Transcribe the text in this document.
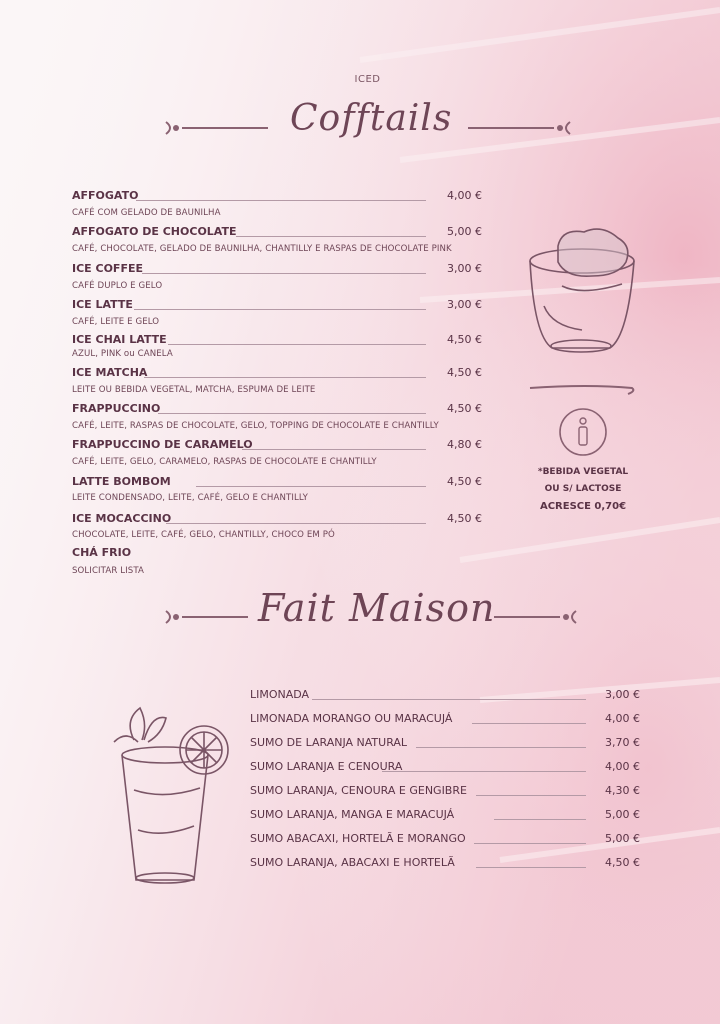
ICED
Cofftails
AFFOGATO	4,00 €
CAFÉ COM GELADO DE BAUNILHA
AFFOGATO DE CHOCOLATE	5,00 €
CAFÉ, CHOCOLATE, GELADO DE BAUNILHA, CHANTILLY E RASPAS DE CHOCOLATE PINK
ICE COFFEE	3,00 €
CAFÉ DUPLO E GELO
ICE LATTE	3,00 €
CAFÉ, LEITE E GELO
ICE CHAI LATTE	4,50 €
AZUL, PINK ou CANELA
ICE MATCHA	4,50 €
LEITE OU BEBIDA VEGETAL, MATCHA, ESPUMA DE LEITE
FRAPPUCCINO	4,50 €
CAFÉ, LEITE, RASPAS DE CHOCOLATE, GELO, TOPPING DE CHOCOLATE E CHANTILLY
FRAPPUCCINO DE CARAMELO	4,80 €
CAFÉ, LEITE, GELO, CARAMELO, RASPAS DE CHOCOLATE E CHANTILLY
LATTE BOMBOM	4,50 €
LEITE CONDENSADO, LEITE, CAFÉ, GELO E CHANTILLY
ICE MOCACCINO	4,50 €
CHOCOLATE, LEITE, CAFÉ, GELO, CHANTILLY, CHOCO EM PÓ
CHÁ FRIO
SOLICITAR LISTA
*BEBIDA VEGETAL
OU S/ LACTOSE
ACRESCE 0,70€
Fait Maison
LIMONADA	3,00 €
LIMONADA MORANGO OU MARACUJÁ	4,00 €
SUMO DE LARANJA NATURAL	3,70 €
SUMO LARANJA E CENOURA	4,00 €
SUMO LARANJA, CENOURA E GENGIBRE	4,30 €
SUMO LARANJA, MANGA E MARACUJÁ	5,00 €
SUMO ABACAXI, HORTELÃ E MORANGO	5,00 €
SUMO LARANJA, ABACAXI E HORTELÃ	4,50 €
